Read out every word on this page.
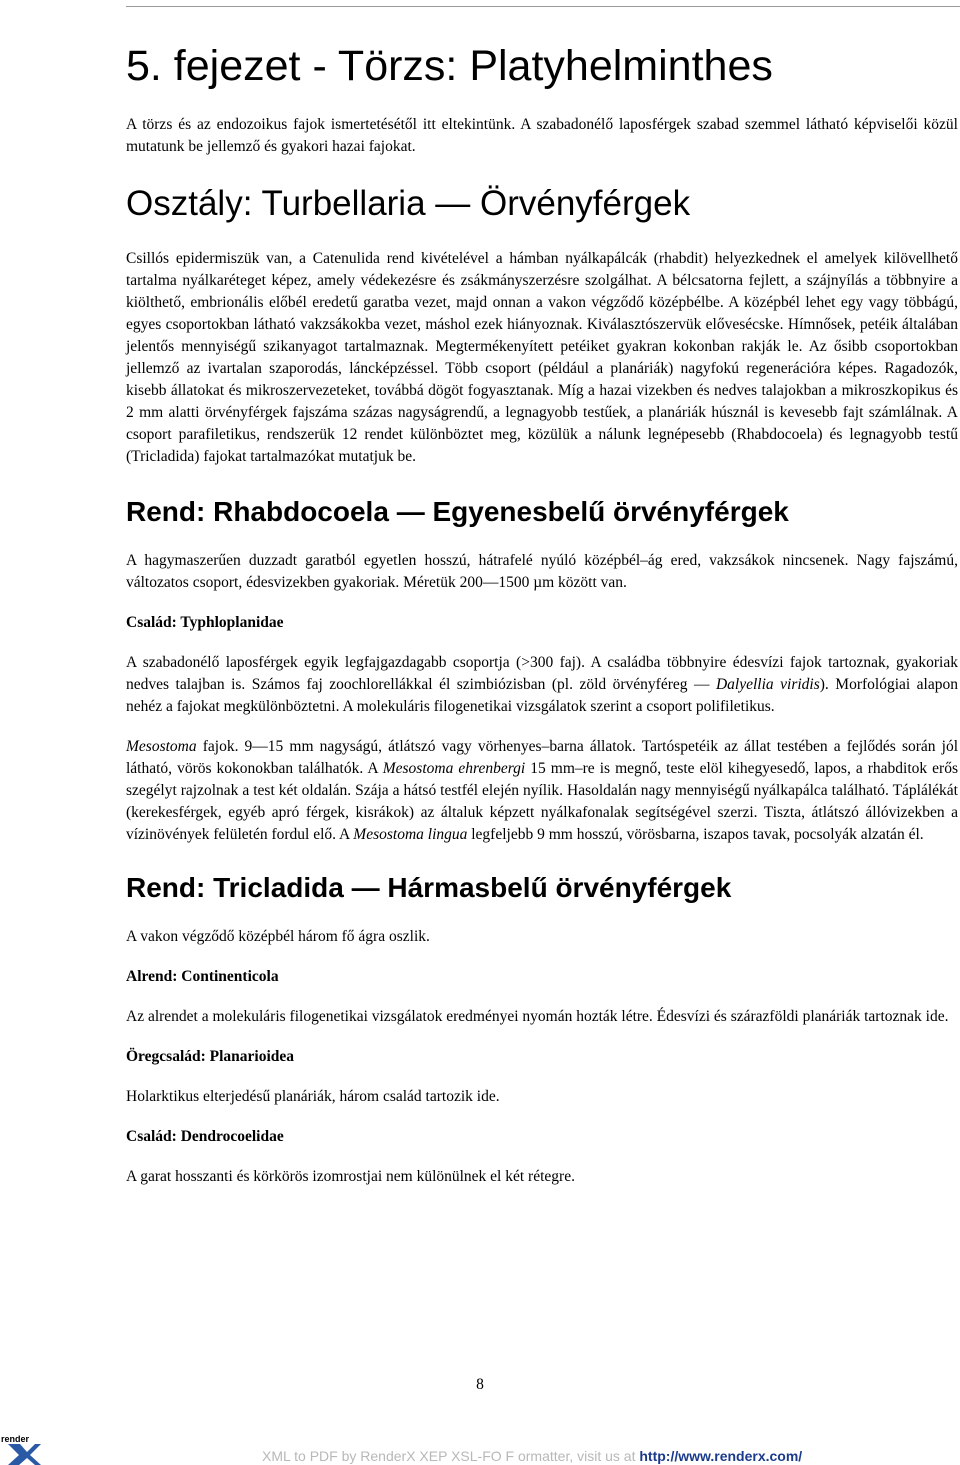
5. fejezet - Törzs: Platyhelminthes

A törzs és az endozoikus fajok ismertetésétől itt eltekintünk. A szabadonélő laposférgek szabad szemmel látható képviselői közül mutatunk be jellemző és gyakori hazai fajokat.

Osztály: Turbellaria — Örvényférgek

Csillós epidermiszük van, a Catenulida rend kivételével a hámban nyálkapálcák (rhabdit) helyezkednek el amelyek kilövellhető tartalma nyálkaréteget képez, amely védekezésre és zsákmányszerzésre szolgálhat. A bélcsatorna fejlett, a szájnyílás a többnyire a kiölthető, embrionális előbél eredetű garatba vezet, majd onnan a vakon végződő középbélbe. A középbél lehet egy vagy többágú, egyes csoportokban látható vakzsákokba vezet, máshol ezek hiányoznak. Kiválasztószervük elővesécske. Hímnősek, petéik általában jelentős mennyiségű szikanyagot tartalmaznak. Megtermékenyített petéiket gyakran kokonban rakják le. Az ősibb csoportokban jellemző az ivartalan szaporodás, láncképzéssel. Több csoport (például a planáriák) nagyfokú regenerációra képes. Ragadozók, kisebb állatokat és mikroszervezeteket, továbbá dögöt fogyasztanak. Míg a hazai vizekben és nedves talajokban a mikroszkopikus és 2 mm alatti örvényférgek fajszáma százas nagyságrendű, a legnagyobb testűek, a planáriák húsznál is kevesebb fajt számlálnak. A csoport parafiletikus, rendszerük 12 rendet különböztet meg, közülük a nálunk legnépesebb (Rhabdocoela) és legnagyobb testű (Tricladida) fajokat tartalmazókat mutatjuk be.

Rend: Rhabdocoela — Egyenesbelű örvényférgek

A hagymaszerűen duzzadt garatból egyetlen hosszú, hátrafelé nyúló középbél–ág ered, vakzsákok nincsenek. Nagy fajszámú, változatos csoport, édesvizekben gyakoriak. Méretük 200—1500 µm között van.

Család: Typhloplanidae

A szabadonélő laposférgek egyik legfajgazdagabb csoportja (>300 faj). A családba többnyire édesvízi fajok tartoznak, gyakoriak nedves talajban is. Számos faj zoochlorellákkal él szimbiózisban (pl. zöld örvényféreg — Dalyellia viridis). Morfológiai alapon nehéz a fajokat megkülönböztetni. A molekuláris filogenetikai vizsgálatok szerint a csoport polifiletikus.

Mesostoma fajok. 9—15 mm nagyságú, átlátszó vagy vörhenyes–barna állatok. Tartóspetéik az állat testében a fejlődés során jól látható, vörös kokonokban találhatók. A Mesostoma ehrenbergi 15 mm–re is megnő, teste elöl kihegyesedő, lapos, a rhabditok erős szegélyt rajzolnak a test két oldalán. Szája a hátsó testfél elején nyílik. Hasoldalán nagy mennyiségű nyálkapálca található. Táplálékát (kerekesférgek, egyéb apró férgek, kisrákok) az általuk képzett nyálkafonalak segítségével szerzi. Tiszta, átlátszó állóvizekben a vízinövények felületén fordul elő. A Mesostoma lingua legfeljebb 9 mm hosszú, vörösbarna, iszapos tavak, pocsolyák alzatán él.

Rend: Tricladida — Hármasbelű örvényférgek

A vakon végződő középbél három fő ágra oszlik.

Alrend: Continenticola

Az alrendet a molekuláris filogenetikai vizsgálatok eredményei nyomán hozták létre. Édesvízi és szárazföldi planáriák tartoznak ide.

Öregcsalád: Planarioidea

Holarktikus elterjedésű planáriák, három család tartozik ide.

Család: Dendrocoelidae

A garat hosszanti és körkörös izomrostjai nem különülnek el két rétegre.

8
render
XML to PDF by RenderX XEP XSL-FO F ormatter, visit us at http://www.renderx.com/
